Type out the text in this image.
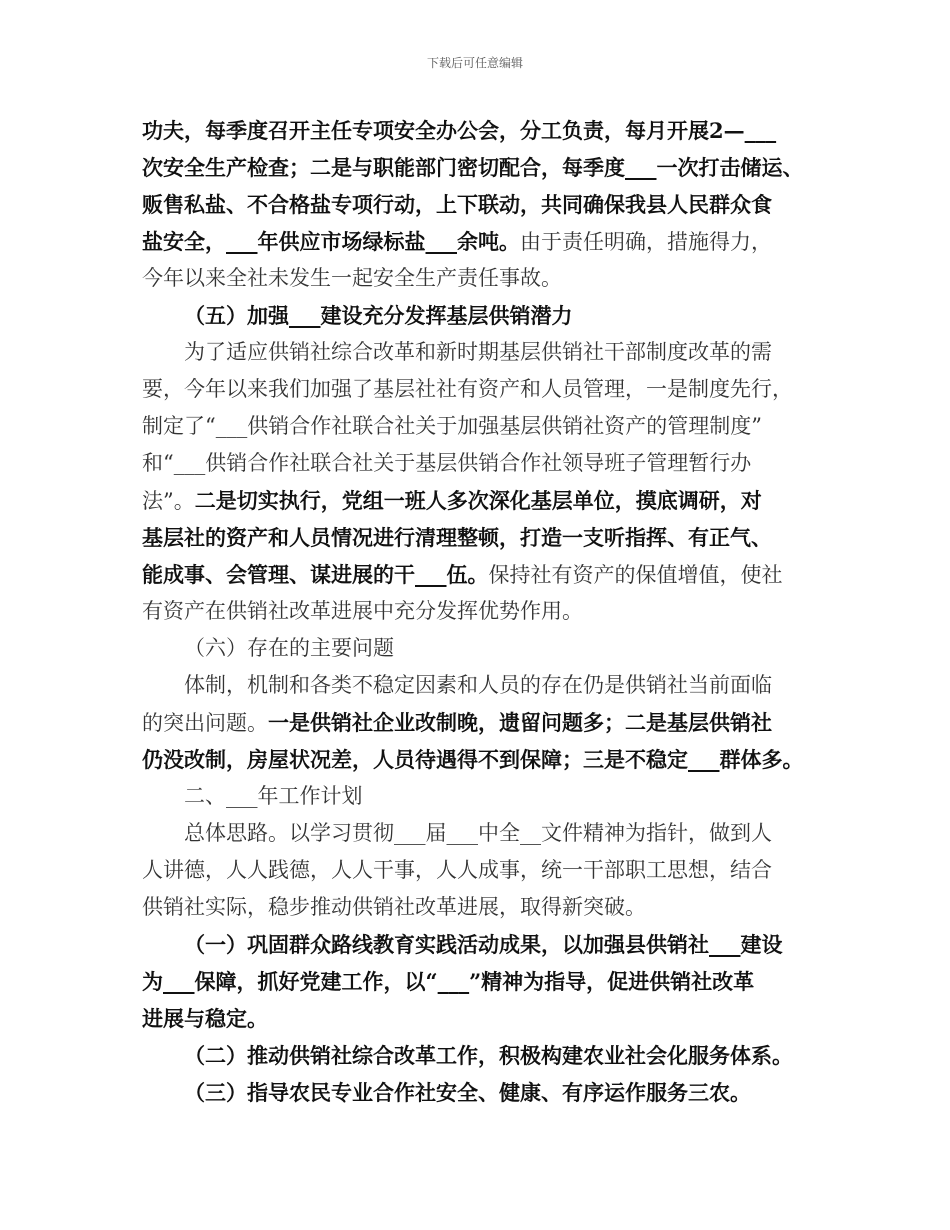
下载后可任意编辑
功夫，每季度召开主任专项安全办公会，分工负责，每月开展2—___
次安全生产检查；二是与职能部门密切配合，每季度___一次打击储运、
贩售私盐、不合格盐专项行动，上下联动，共同确保我县人民群众食
盐安全，___年供应市场绿标盐___余吨。由于责任明确，措施得力，
今年以来全社未发生一起安全生产责任事故。
（五）加强___建设充分发挥基层供销潜力
为了适应供销社综合改革和新时期基层供销社干部制度改革的需
要，今年以来我们加强了基层社社有资产和人员管理，一是制度先行，
制定了“___供销合作社联合社关于加强基层供销社资产的管理制度”
和“___供销合作社联合社关于基层供销合作社领导班子管理暂行办
法”。二是切实执行，党组一班人多次深化基层单位，摸底调研，对
基层社的资产和人员情况进行清理整顿，打造一支听指挥、有正气、
能成事、会管理、谋进展的干___伍。保持社有资产的保值增值，使社
有资产在供销社改革进展中充分发挥优势作用。
（六）存在的主要问题
体制，机制和各类不稳定因素和人员的存在仍是供销社当前面临
的突出问题。一是供销社企业改制晚，遗留问题多；二是基层供销社
仍没改制，房屋状况差，人员待遇得不到保障；三是不稳定___群体多。
二、___年工作计划
总体思路。以学习贯彻___届___中全__文件精神为指针，做到人
人讲德，人人践德，人人干事，人人成事，统一干部职工思想，结合
供销社实际，稳步推动供销社改革进展，取得新突破。
（一）巩固群众路线教育实践活动成果，以加强县供销社___建设
为___保障，抓好党建工作，以“___”精神为指导，促进供销社改革
进展与稳定。
（二）推动供销社综合改革工作，积极构建农业社会化服务体系。
（三）指导农民专业合作社安全、健康、有序运作服务三农。
